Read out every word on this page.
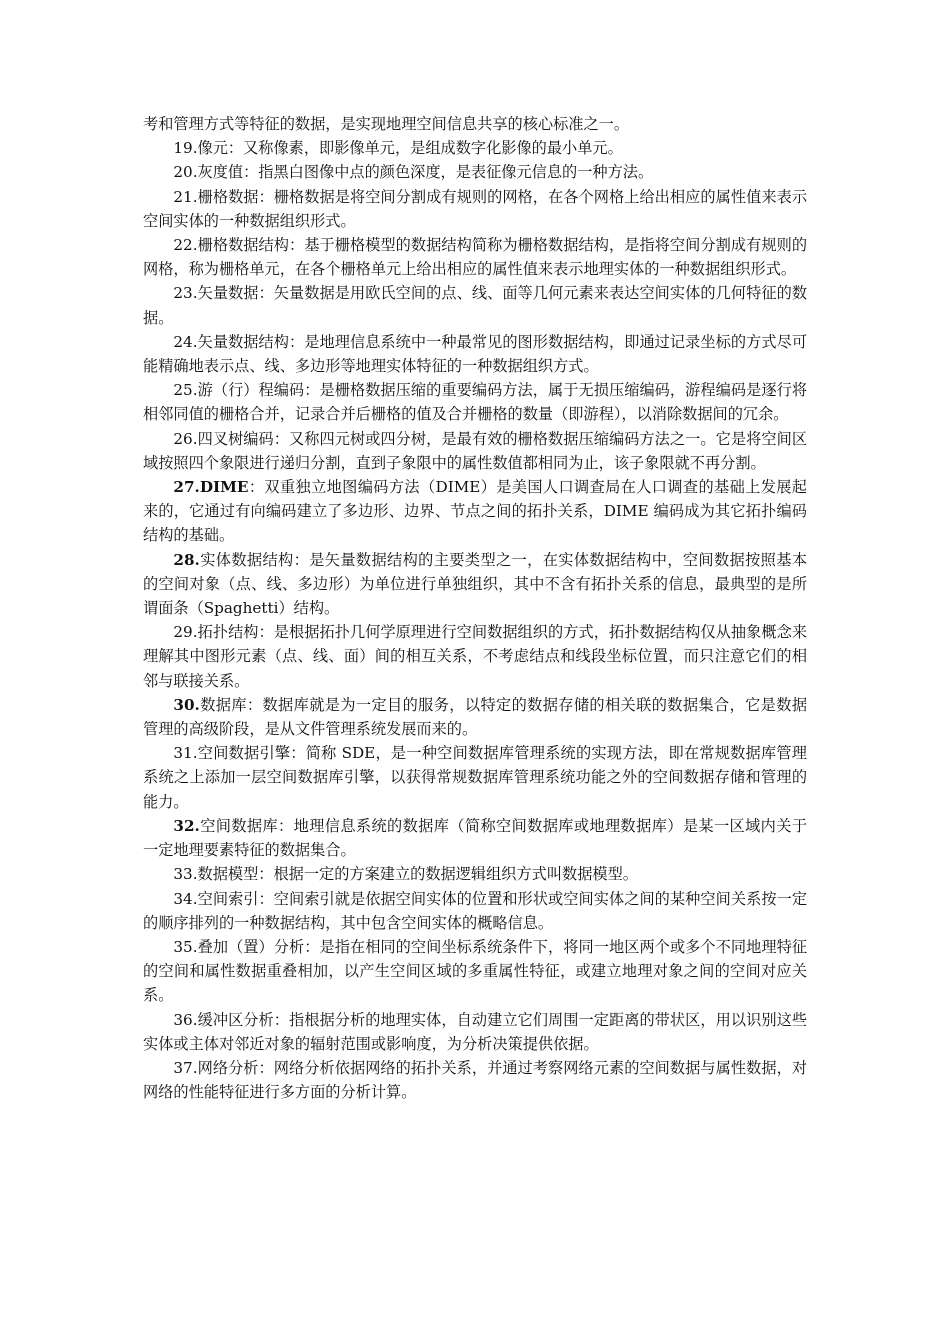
考和管理方式等特征的数据，是实现地理空间信息共享的核心标准之一。

19.像元：又称像素，即影像单元，是组成数字化影像的最小单元。

20.灰度值：指黑白图像中点的颜色深度，是表征像元信息的一种方法。

21.栅格数据：栅格数据是将空间分割成有规则的网格，在各个网格上给出相应的属性值来表示空间实体的一种数据组织形式。

22.栅格数据结构：基于栅格模型的数据结构简称为栅格数据结构，是指将空间分割成有规则的网格，称为栅格单元，在各个栅格单元上给出相应的属性值来表示地理实体的一种数据组织形式。

23.矢量数据：矢量数据是用欧氏空间的点、线、面等几何元素来表达空间实体的几何特征的数据。

24.矢量数据结构：是地理信息系统中一种最常见的图形数据结构，即通过记录坐标的方式尽可能精确地表示点、线、多边形等地理实体特征的一种数据组织方式。

25.游（行）程编码：是栅格数据压缩的重要编码方法，属于无损压缩编码，游程编码是逐行将相邻同值的栅格合并，记录合并后栅格的值及合并栅格的数量（即游程），以消除数据间的冗余。

26.四叉树编码：又称四元树或四分树，是最有效的栅格数据压缩编码方法之一。它是将空间区域按照四个象限进行递归分割，直到子象限中的属性数值都相同为止，该子象限就不再分割。

27.DIME：双重独立地图编码方法（DIME）是美国人口调查局在人口调查的基础上发展起来的，它通过有向编码建立了多边形、边界、节点之间的拓扑关系，DIME 编码成为其它拓扑编码结构的基础。

28.实体数据结构：是矢量数据结构的主要类型之一，在实体数据结构中，空间数据按照基本的空间对象（点、线、多边形）为单位进行单独组织，其中不含有拓扑关系的信息，最典型的是所谓面条（Spaghetti）结构。

29.拓扑结构：是根据拓扑几何学原理进行空间数据组织的方式，拓扑数据结构仅从抽象概念来理解其中图形元素（点、线、面）间的相互关系，不考虑结点和线段坐标位置，而只注意它们的相邻与联接关系。

30.数据库：数据库就是为一定目的服务，以特定的数据存储的相关联的数据集合，它是数据管理的高级阶段，是从文件管理系统发展而来的。

31.空间数据引擎：简称 SDE，是一种空间数据库管理系统的实现方法，即在常规数据库管理系统之上添加一层空间数据库引擎，以获得常规数据库管理系统功能之外的空间数据存储和管理的能力。

32.空间数据库：地理信息系统的数据库（简称空间数据库或地理数据库）是某一区域内关于一定地理要素特征的数据集合。

33.数据模型：根据一定的方案建立的数据逻辑组织方式叫数据模型。

34.空间索引：空间索引就是依据空间实体的位置和形状或空间实体之间的某种空间关系按一定的顺序排列的一种数据结构，其中包含空间实体的概略信息。

35.叠加（置）分析：是指在相同的空间坐标系统条件下，将同一地区两个或多个不同地理特征的空间和属性数据重叠相加，以产生空间区域的多重属性特征，或建立地理对象之间的空间对应关系。

36.缓冲区分析：指根据分析的地理实体，自动建立它们周围一定距离的带状区，用以识别这些实体或主体对邻近对象的辐射范围或影响度，为分析决策提供依据。

37.网络分析：网络分析依据网络的拓扑关系，并通过考察网络元素的空间数据与属性数据，对网络的性能特征进行多方面的分析计算。
